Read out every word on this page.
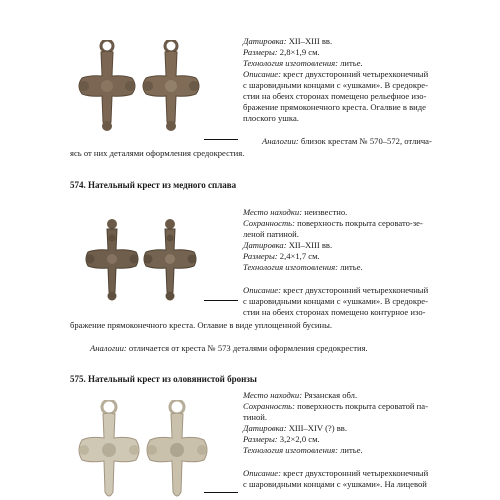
Датировка: XII–XIII вв.
Размеры: 2,8×1,9 см.
Технология изготовления: литье.
Описание: крест двухсторонний четырехконечный
с шаровидными концами с «ушками». В средокре-
стии на обеих сторонах помещено рельефное изо-
бражение прямоконечного креста. Огалвие в виде
плоского ушка.
Аналогии: близок крестам № 570–572, отлича-
ясь от них деталями оформления средокрестия.
574. Нательный крест из медного сплава
Место находки: неизвестно.
Сохранность: поверхность покрыта серовато-зе-
леной патиной.
Датировка: XII–XIII вв.
Размеры: 2,4×1,7 см.
Технология изготовления: литье.
Описание: крест двухсторонний четырехконечный
с шаровидными концами с «ушками». В средокре-
стии на обеих сторонах помещено контурное изо-
бражение прямоконечного креста. Оглавие в виде уплощенной бусины.
Аналогии: отличается от креста № 573 деталями оформления средокрестия.
575. Нательный крест из оловянистой бронзы
Место находки: Рязанская обл.
Сохранность: поверхность покрыта сероватой па-
тиной.
Датировка: XIII–XIV (?) вв.
Размеры: 3,2×2,0 см.
Технология изготовления: литье.
Описание: крест двухсторонний четырехконечный
с шаровидными концами с «ушками». На лицевой
